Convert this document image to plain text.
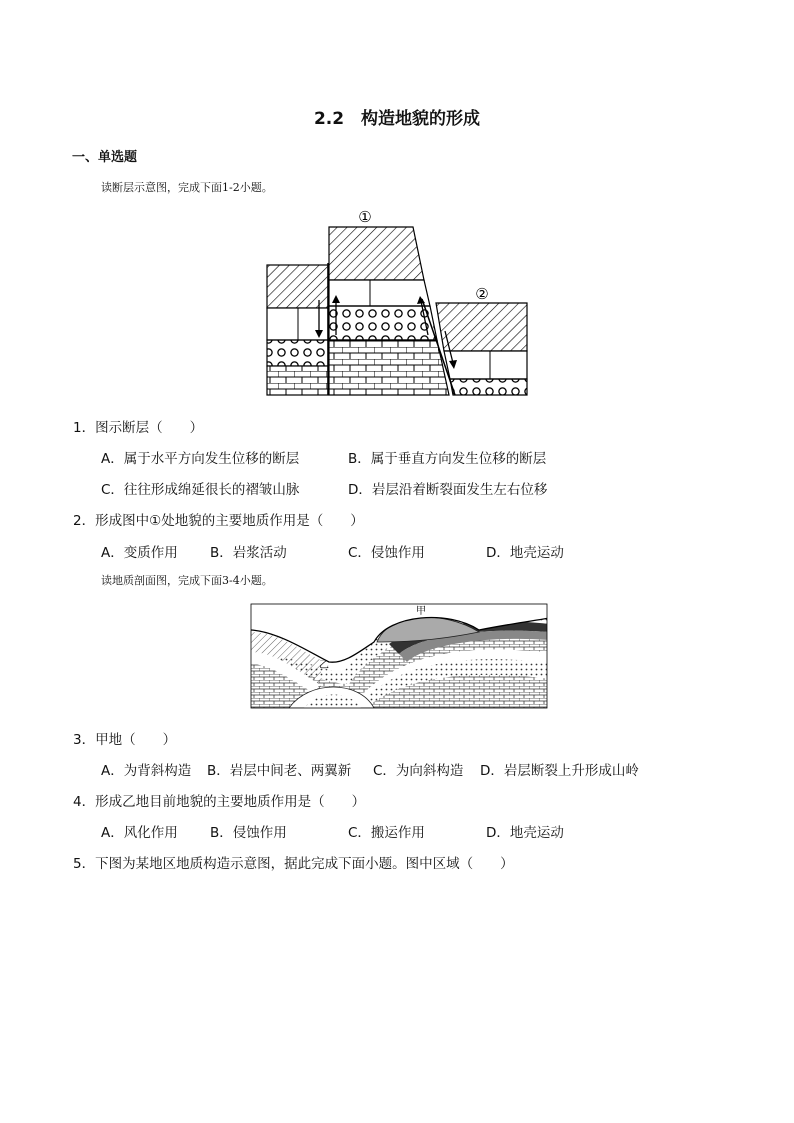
2.2　构造地貌的形成
一、单选题
读断层示意图，完成下面1-2小题。
①
②
1．图示断层（　　）
A．属于水平方向发生位移的断层	B．属于垂直方向发生位移的断层
C．往往形成绵延很长的褶皱山脉	D．岩层沿着断裂面发生左右位移
2．形成图中①处地貌的主要地质作用是（　　）
A．变质作用 B．岩浆活动	C．侵蚀作用	D．地壳运动
读地质剖面图，完成下面3-4小题。
甲
乙
3．甲地（　　）
A．为背斜构造 B．岩层中间老、两翼新 C．为向斜构造 D．岩层断裂上升形成山岭
4．形成乙地目前地貌的主要地质作用是（　　）
A．风化作用 B．侵蚀作用	C．搬运作用	D．地壳运动
5．下图为某地区地质构造示意图，据此完成下面小题。图中区域（　　）
